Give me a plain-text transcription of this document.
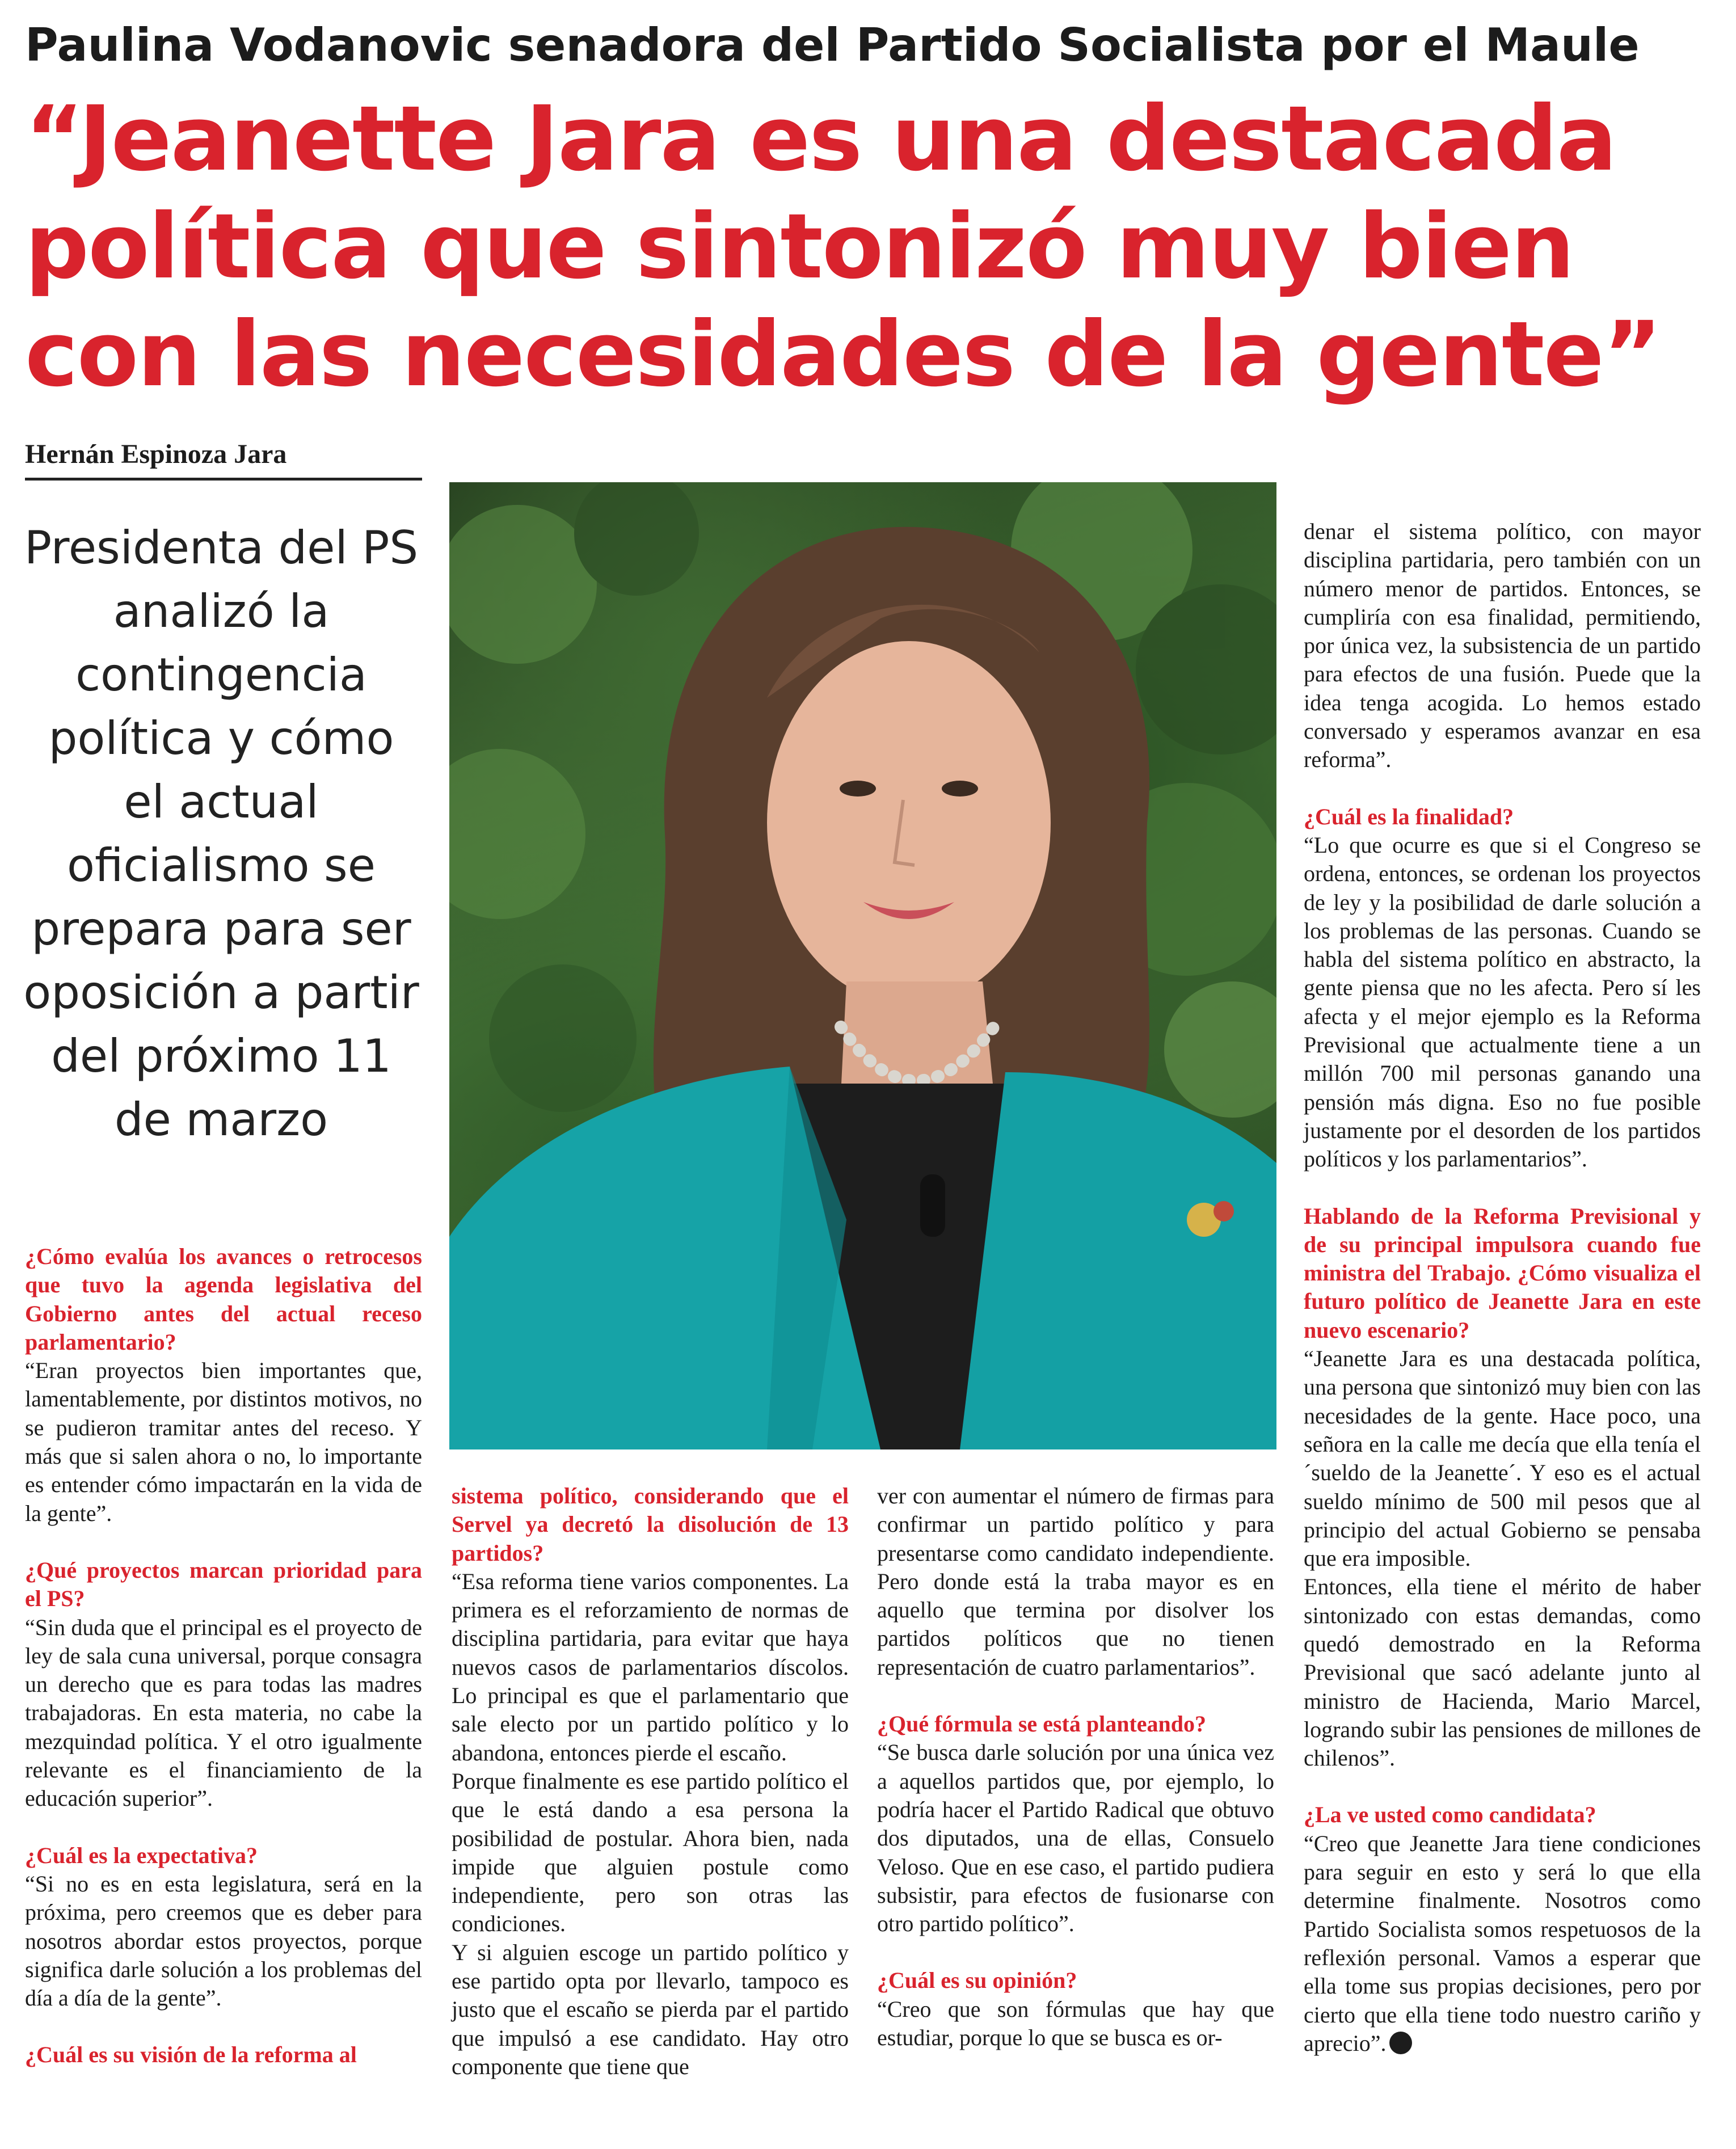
Paulina Vodanovic senadora del Partido Socialista por el Maule
“Jeanette Jara es una destacada
política que sintonizó muy bien
con las necesidades de la gente”
Hernán Espinoza Jara
Presidenta del PS analizó la contingencia política y cómo el actual oficialismo se prepara para ser oposición a partir del próximo 11 de marzo
¿Cómo evalúa los avances o retrocesos que tuvo la agenda legislativa del Gobierno antes del actual receso parlamentario?
“Eran proyectos bien importantes que, lamentablemente, por distintos motivos, no se pudieron tramitar antes del receso. Y más que si salen ahora o no, lo importante es entender cómo impactarán en la vida de la gente”.
¿Qué proyectos marcan prioridad para el PS?
“Sin duda que el principal es el proyecto de ley de sala cuna universal, porque consagra un derecho que es para todas las madres trabajadoras. En esta materia, no cabe la mezquindad política. Y el otro igualmente relevante es el financiamiento de la educación superior”.
¿Cuál es la expectativa?
“Si no es en esta legislatura, será en la próxima, pero creemos que es deber para nosotros abordar estos proyectos, porque significa darle solución a los problemas del día a día de la gente”.
¿Cuál es su visión de la reforma al
sistema político, considerando que el Servel ya decretó la disolución de 13 partidos?
“Esa reforma tiene varios componentes. La primera es el reforzamiento de normas de disciplina partidaria, para evitar que haya nuevos casos de parlamentarios díscolos. Lo principal es que el parlamentario que sale electo por un partido político y lo abandona, entonces pierde el escaño.
Porque finalmente es ese partido político el que le está dando a esa persona la posibilidad de postular. Ahora bien, nada impide que alguien postule como independiente, pero son otras las condiciones.
Y si alguien escoge un partido político y ese partido opta por llevarlo, tampoco es justo que el escaño se pierda par el partido que impulsó a ese candidato. Hay otro componente que tiene que
ver con aumentar el número de firmas para confirmar un partido político y para presentarse como candidato independiente. Pero donde está la traba mayor es en aquello que termina por disolver los partidos políticos que no tienen representación de cuatro parlamentarios”.
¿Qué fórmula se está planteando?
“Se busca darle solución por una única vez a aquellos partidos que, por ejemplo, lo podría hacer el Partido Radical que obtuvo dos diputados, una de ellas, Consuelo Veloso. Que en ese caso, el partido pudiera subsistir, para efectos de fusionarse con otro partido político”.
¿Cuál es su opinión?
“Creo que son fórmulas que hay que estudiar, porque lo que se busca es or-
denar el sistema político, con mayor disciplina partidaria, pero también con un número menor de partidos. Entonces, se cumpliría con esa finalidad, permitiendo, por única vez, la subsistencia de un partido para efectos de una fusión. Puede que la idea tenga acogida. Lo hemos estado conversado y esperamos avanzar en esa reforma”.
¿Cuál es la finalidad?
“Lo que ocurre es que si el Congreso se ordena, entonces, se ordenan los proyectos de ley y la posibilidad de darle solución a los problemas de las personas. Cuando se habla del sistema político en abstracto, la gente piensa que no les afecta. Pero sí les afecta y el mejor ejemplo es la Reforma Previsional que actualmente tiene a un millón 700 mil personas ganando una pensión más digna. Eso no fue posible justamente por el desorden de los partidos políticos y los parlamentarios”.
Hablando de la Reforma Previsional y de su principal impulsora cuando fue ministra del Trabajo. ¿Cómo visualiza el futuro político de Jeanette Jara en este nuevo escenario?
“Jeanette Jara es una destacada política, una persona que sintonizó muy bien con las necesidades de la gente. Hace poco, una señora en la calle me decía que ella tenía el ´sueldo de la Jeanette´. Y eso es el actual sueldo mínimo de 500 mil pesos que al principio del actual Gobierno se pensaba que era imposible.
Entonces, ella tiene el mérito de haber sintonizado con estas demandas, como quedó demostrado en la Reforma Previsional que sacó adelante junto al ministro de Hacienda, Mario Marcel, logrando subir las pensiones de millones de chilenos”.
¿La ve usted como candidata?
“Creo que Jeanette Jara tiene condiciones para seguir en esto y será lo que ella determine finalmente. Nosotros como Partido Socialista somos respetuosos de la reflexión personal. Vamos a esperar que ella tome sus propias decisiones, pero por cierto que ella tiene todo nuestro cariño y aprecio”.
